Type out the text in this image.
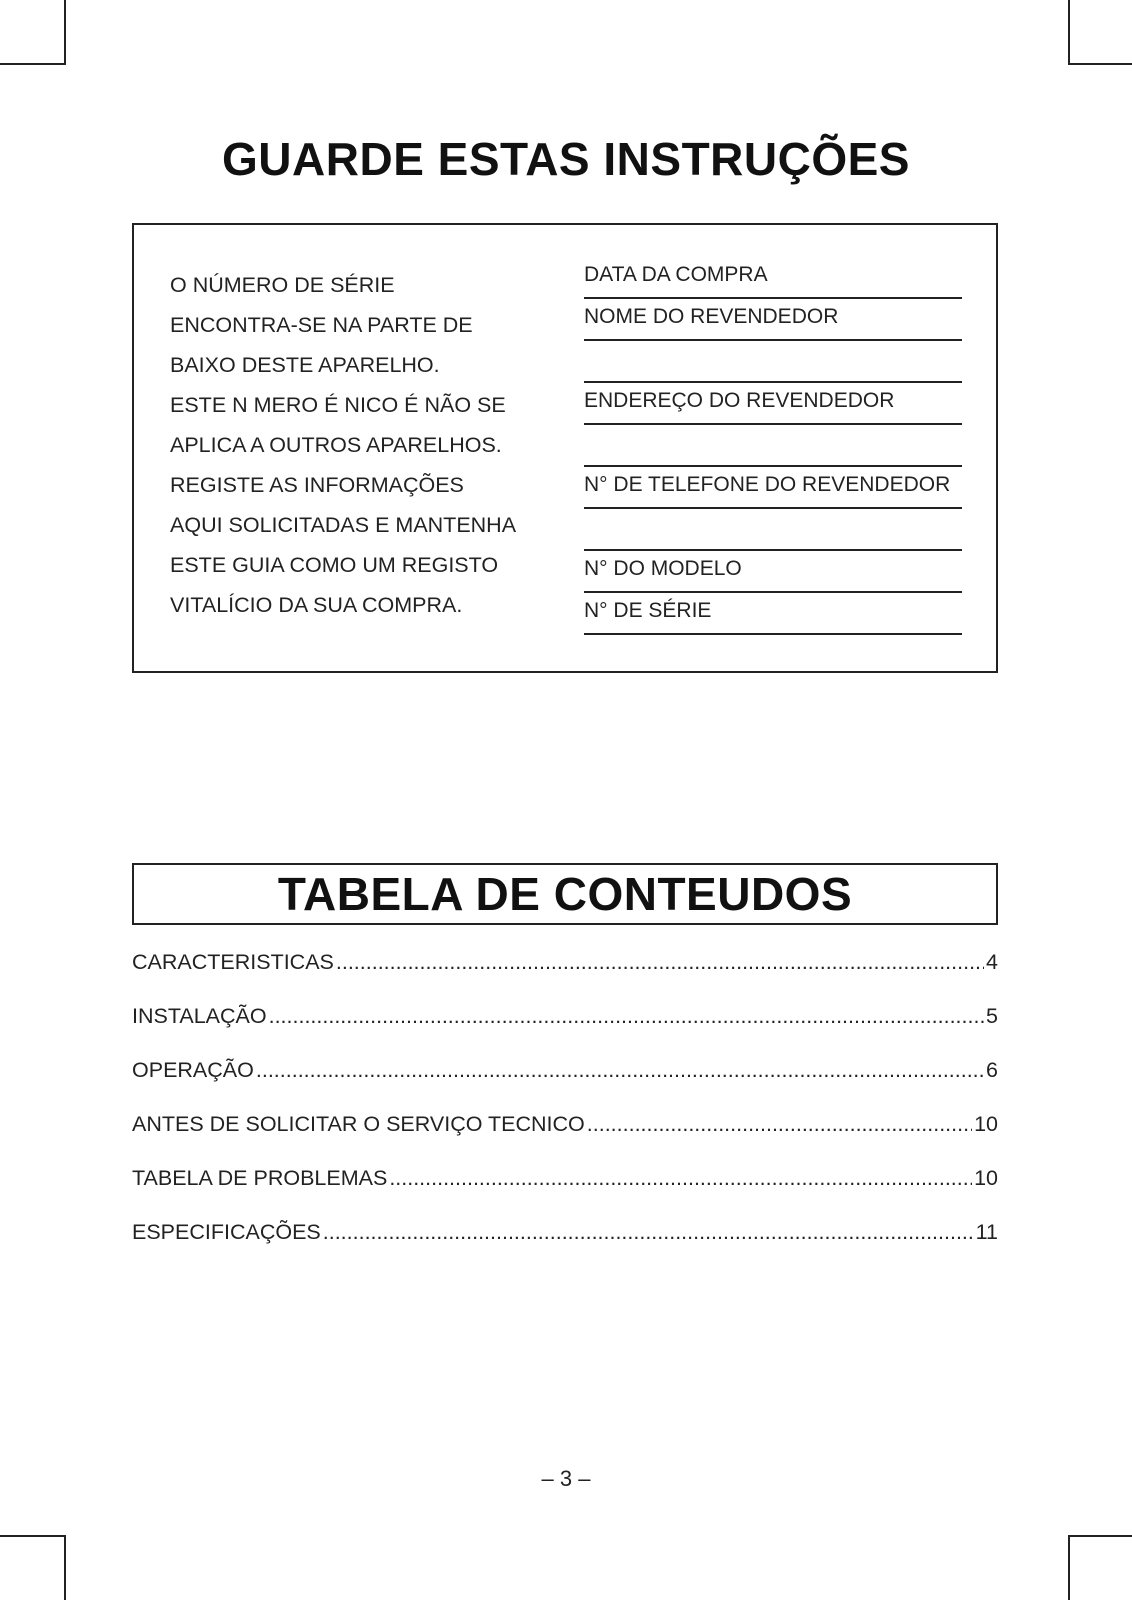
GUARDE ESTAS INSTRUÇÕES
O NÚMERO DE SÉRIE
ENCONTRA-SE NA PARTE DE
BAIXO DESTE APARELHO.
ESTE N MERO É NICO É NÃO SE
APLICA A OUTROS APARELHOS.
REGISTE AS INFORMAÇÕES
AQUI SOLICITADAS E MANTENHA
ESTE GUIA COMO UM REGISTO
VITALÍCIO DA SUA COMPRA.
DATA DA COMPRA
NOME DO REVENDEDOR
ENDEREÇO DO REVENDEDOR
N° DE TELEFONE DO REVENDEDOR
N° DO MODELO
N° DE SÉRIE
TABELA DE CONTEUDOS
CARACTERISTICAS .....	4
INSTALAÇÃO .....	5
OPERAÇÃO .....	6
ANTES DE SOLICITAR O SERVIÇO TECNICO .....	10
TABELA DE PROBLEMAS .....	10
ESPECIFICAÇÕES .....	11
– 3 –
